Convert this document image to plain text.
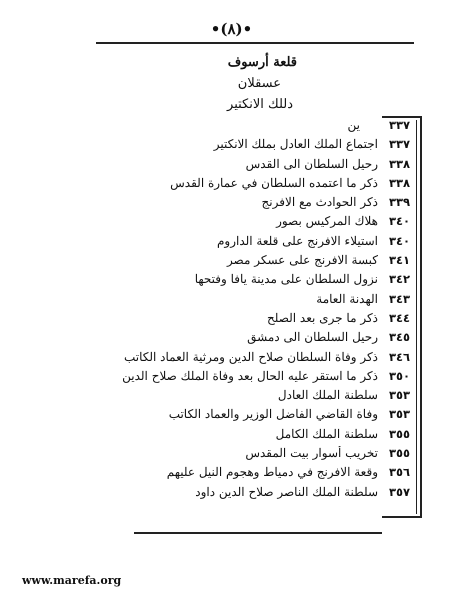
•(٨)•
قلعة أرسوف
عسقلان
دللك الانكتير
٣٣٧
ين
٣٣٧
اجتماع الملك العادل بملك الانكتير
٣٣٨
رحيل السلطان الى القدس
٣٣٨
ذكر ما اعتمده السلطان في عمارة القدس
٣٣٩
ذكر الحوادث مع الافرنج
٣٤٠
هلاك المركيس بصور
٣٤٠
استيلاء الافرنج على قلعة الداروم
٣٤١
كبسة الافرنج على عسكر مصر
٣٤٢
نزول السلطان على مدينة يافا وفتحها
٣٤٣
الهدنة العامة
٣٤٤
ذكر ما جرى بعد الصلح
٣٤٥
رحيل السلطان الى دمشق
٣٤٦
ذكر وفاة السلطان صلاح الدين ومرثية العماد الكاتب
٣٥٠
ذكر ما استقر عليه الحال بعد وفاة الملك صلاح الدين
٣٥٣
سلطنة الملك العادل
٣٥٣
وفاة القاضي الفاضل الوزير والعماد الكاتب
٣٥٥
سلطنة الملك الكامل
٣٥٥
تخريب أسوار بيت المقدس
٣٥٦
وقعة الافرنج في دمياط وهجوم النيل عليهم
٣٥٧
سلطنة الملك الناصر صلاح الدين داود
www.marefa.org
